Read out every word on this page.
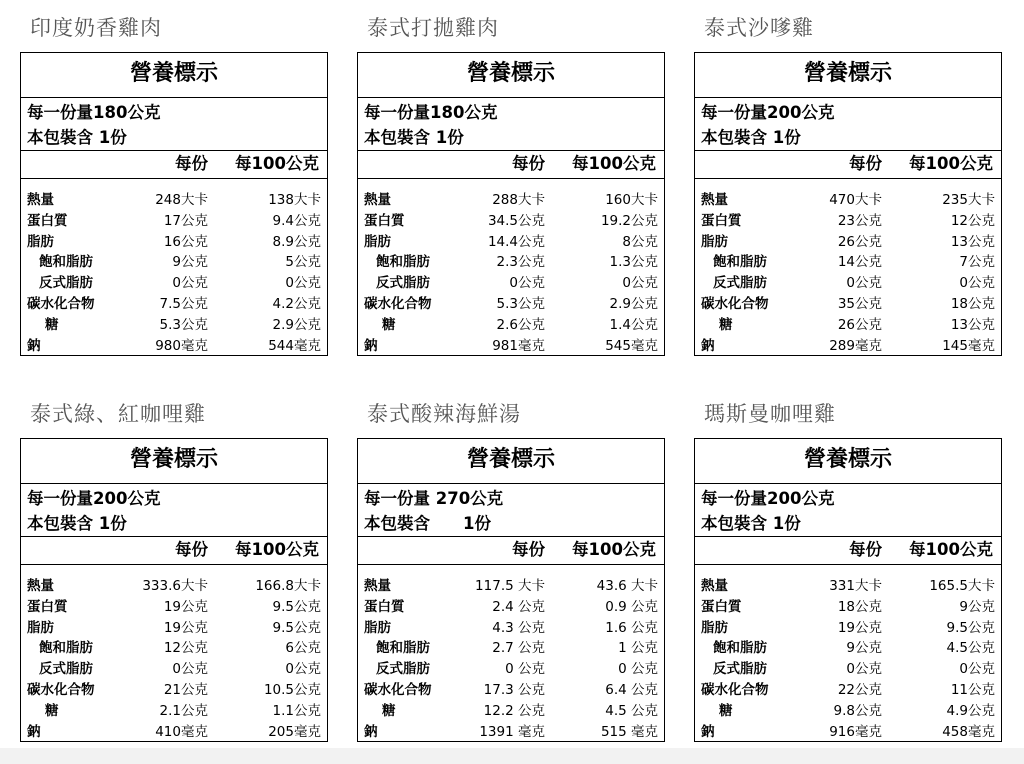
印度奶香雞肉
營養標示
每一份量180公克
本包裝含 1份
每份	每100公克
熱量	248大卡	138大卡
蛋白質	17公克	9.4公克
脂肪	16公克	8.9公克
飽和脂肪	9公克	5公克
反式脂肪	0公克	0公克
碳水化合物	7.5公克	4.2公克
糖	5.3公克	2.9公克
鈉	980毫克	544毫克
泰式打拋雞肉
營養標示
每一份量180公克
本包裝含 1份
每份	每100公克
熱量	288大卡	160大卡
蛋白質	34.5公克	19.2公克
脂肪	14.4公克	8公克
飽和脂肪	2.3公克	1.3公克
反式脂肪	0公克	0公克
碳水化合物	5.3公克	2.9公克
糖	2.6公克	1.4公克
鈉	981毫克	545毫克
泰式沙嗲雞
營養標示
每一份量200公克
本包裝含 1份
每份	每100公克
熱量	470大卡	235大卡
蛋白質	23公克	12公克
脂肪	26公克	13公克
飽和脂肪	14公克	7公克
反式脂肪	0公克	0公克
碳水化合物	35公克	18公克
糖	26公克	13公克
鈉	289毫克	145毫克
泰式綠、紅咖哩雞
營養標示
每一份量200公克
本包裝含 1份
每份	每100公克
熱量	333.6大卡	166.8大卡
蛋白質	19公克	9.5公克
脂肪	19公克	9.5公克
飽和脂肪	12公克	6公克
反式脂肪	0公克	0公克
碳水化合物	21公克	10.5公克
糖	2.1公克	1.1公克
鈉	410毫克	205毫克
泰式酸辣海鮮湯
營養標示
每一份量 270公克
本包裝含　　1份
每份	每100公克
熱量	117.5 大卡	43.6 大卡
蛋白質	2.4 公克	0.9 公克
脂肪	4.3 公克	1.6 公克
飽和脂肪	2.7 公克	1 公克
反式脂肪	0 公克	0 公克
碳水化合物	17.3 公克	6.4 公克
糖	12.2 公克	4.5 公克
鈉	1391 毫克	515 毫克
瑪斯曼咖哩雞
營養標示
每一份量200公克
本包裝含 1份
每份	每100公克
熱量	331大卡	165.5大卡
蛋白質	18公克	9公克
脂肪	19公克	9.5公克
飽和脂肪	9公克	4.5公克
反式脂肪	0公克	0公克
碳水化合物	22公克	11公克
糖	9.8公克	4.9公克
鈉	916毫克	458毫克
